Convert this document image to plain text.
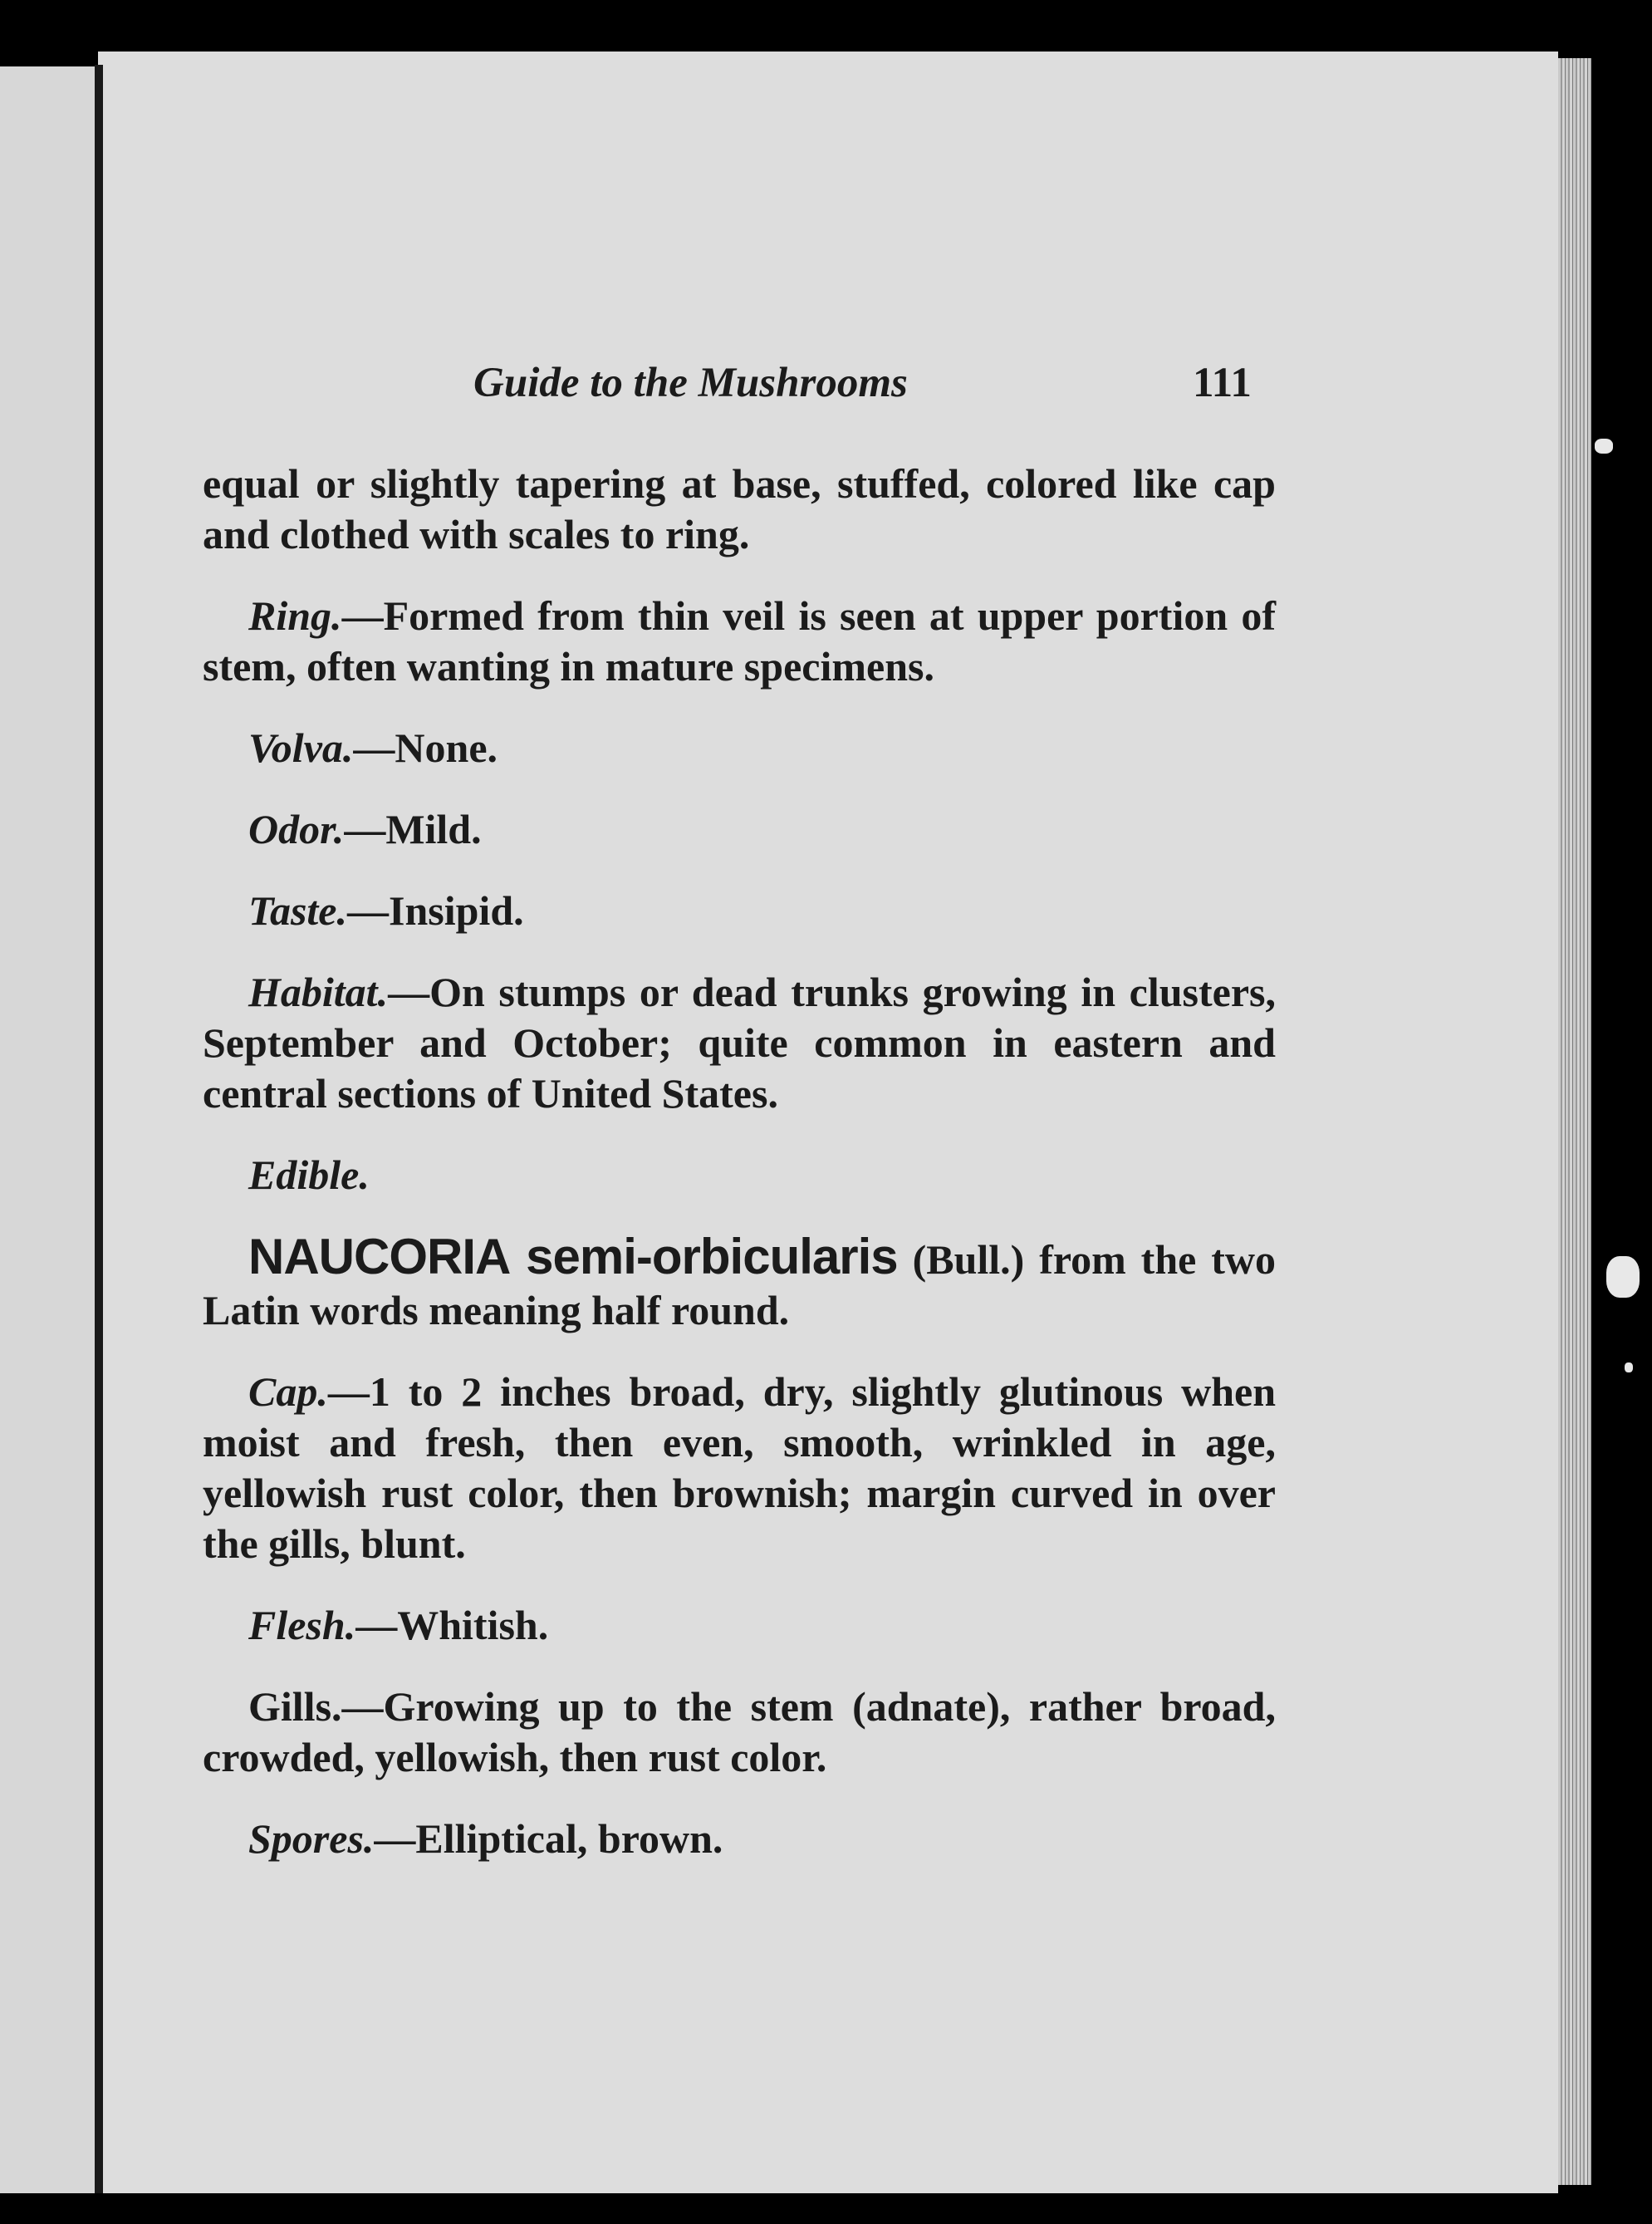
Guide to the Mushrooms	111

equal or slightly tapering at base, stuffed, colored like cap and clothed with scales to ring.

Ring.—Formed from thin veil is seen at upper portion of stem, often wanting in mature specimens.

Volva.—None.

Odor.—Mild.

Taste.—Insipid.

Habitat.—On stumps or dead trunks growing in clusters, September and October; quite common in eastern and central sections of United States.

Edible.

NAUCORIA semi-orbicularis (Bull.) from the two Latin words meaning half round.

Cap.—1 to 2 inches broad, dry, slightly glutinous when moist and fresh, then even, smooth, wrinkled in age, yellowish rust color, then brownish; margin curved in over the gills, blunt.

Flesh.—Whitish.

Gills.—Growing up to the stem (adnate), rather broad, crowded, yellowish, then rust color.

Spores.—Elliptical, brown.
